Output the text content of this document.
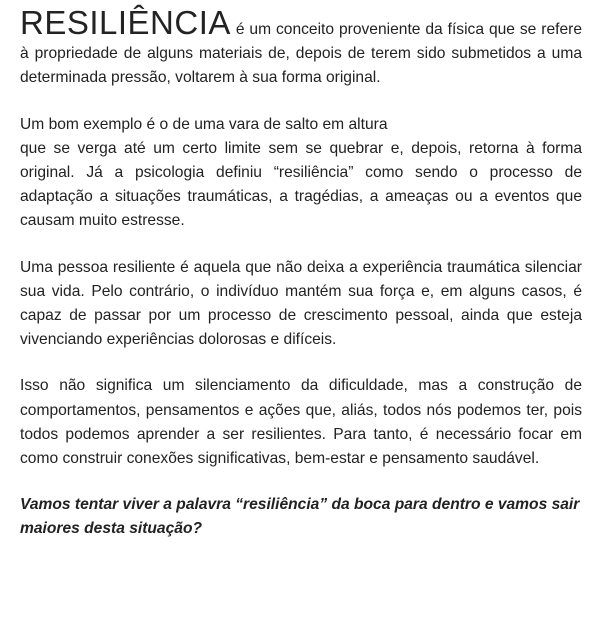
RESILIÊNCIA é um conceito proveniente da física que se refere à propriedade de alguns materiais de, depois de terem sido submetidos a uma determinada pressão, voltarem à sua forma original.

Um bom exemplo é o de uma vara de salto em altura
que se verga até um certo limite sem se quebrar e, depois, retorna à forma original. Já a psicologia definiu “resiliência” como sendo o processo de adaptação a situações traumáticas, a tragédias, a ameaças ou a eventos que causam muito estresse.

Uma pessoa resiliente é aquela que não deixa a experiência traumática silenciar sua vida. Pelo contrário, o indivíduo mantém sua força e, em alguns casos, é capaz de passar por um processo de crescimento pessoal, ainda que esteja vivenciando experiências dolorosas e difíceis.

Isso não significa um silenciamento da dificuldade, mas a construção de comportamentos, pensamentos e ações que, aliás, todos nós podemos ter, pois todos podemos aprender a ser resilientes. Para tanto, é necessário focar em como construir conexões significativas, bem-estar e pensamento saudável.

Vamos tentar viver a palavra “resiliência” da boca para dentro e vamos sair maiores desta situação?
